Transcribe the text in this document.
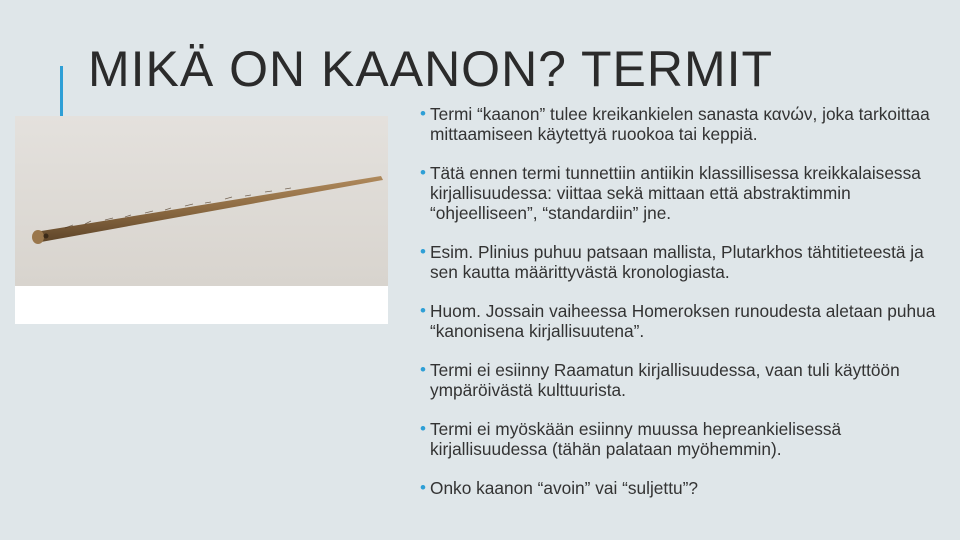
MIKÄ ON KAANON? TERMIT
• Termi “kaanon” tulee kreikankielen sanasta κανών, joka tarkoittaa mittaamiseen käytettyä ruookoa tai keppiä.
• Tätä ennen termi tunnettiin antiikin klassillisessa kreikkalaisessa kirjallisuudessa: viittaa sekä mittaan että abstraktimmin “ohjeelliseen”, “standardiin” jne.
• Esim. Plinius puhuu patsaan mallista, Plutarkhos tähtitieteestä ja sen kautta määrittyvästä kronologiasta.
• Huom. Jossain vaiheessa Homeroksen runoudesta aletaan puhua “kanonisena kirjallisuutena”.
• Termi ei esiinny Raamatun kirjallisuudessa, vaan tuli käyttöön ympäröivästä kulttuurista.
• Termi ei myöskään esiinny muussa hepreankielisessä kirjallisuudessa (tähän palataan myöhemmin).
• Onko kaanon “avoin” vai “suljettu”?
